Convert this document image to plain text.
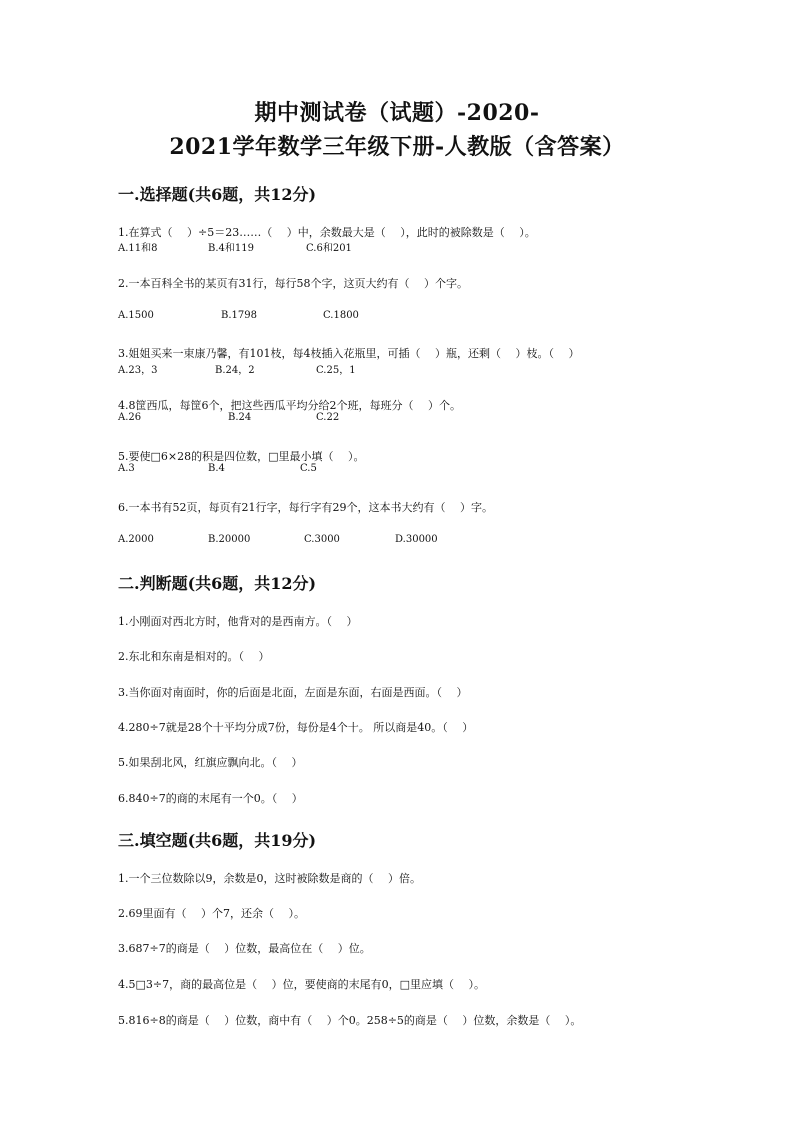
期中测试卷（试题）-2020-
2021学年数学三年级下册-人教版（含答案）
一.选择题(共6题，共12分)
1.在算式（　 ）÷5＝23……（　 ）中，余数最大是（　 ），此时的被除数是（　 ）。
A.11和8	B.4和119	C.6和201
2.一本百科全书的某页有31行，每行58个字，这页大约有（　 ）个字。
A.1500	B.1798	C.1800
3.姐姐买来一束康乃馨，有101枝，每4枝插入花瓶里，可插（　 ）瓶，还剩（　 ）枝。（　 ）
A.23，3	B.24，2	C.25，1
4.8筐西瓜，每筐6个，把这些西瓜平均分给2个班，每班分（　 ）个。
A.26	B.24	C.22
5.要使□6×28的积是四位数，□里最小填（　 ）。
A.3	B.4	C.5
6.一本书有52页，每页有21行字，每行字有29个，这本书大约有（　 ）字。
A.2000	B.20000	C.3000	D.30000
二.判断题(共6题，共12分)
1.小刚面对西北方时，他背对的是西南方。（　 ）
2.东北和东南是相对的。（　 ）
3.当你面对南面时，你的后面是北面，左面是东面，右面是西面。（　 ）
4.280÷7就是28个十平均分成7份，每份是4个十。 所以商是40。（　 ）
5.如果刮北风，红旗应飘向北。（　 ）
6.840÷7的商的末尾有一个0。（　 ）
三.填空题(共6题，共19分)
1.一个三位数除以9，余数是0，这时被除数是商的（　 ）倍。
2.69里面有（　 ）个7，还余（　 ）。
3.687÷7的商是（　 ）位数，最高位在（　 ）位。
4.5□3÷7，商的最高位是（　 ）位，要使商的末尾有0，□里应填（　 ）。
5.816÷8的商是（　 ）位数，商中有（　 ）个0。258÷5的商是（　 ）位数，余数是（　 ）。
